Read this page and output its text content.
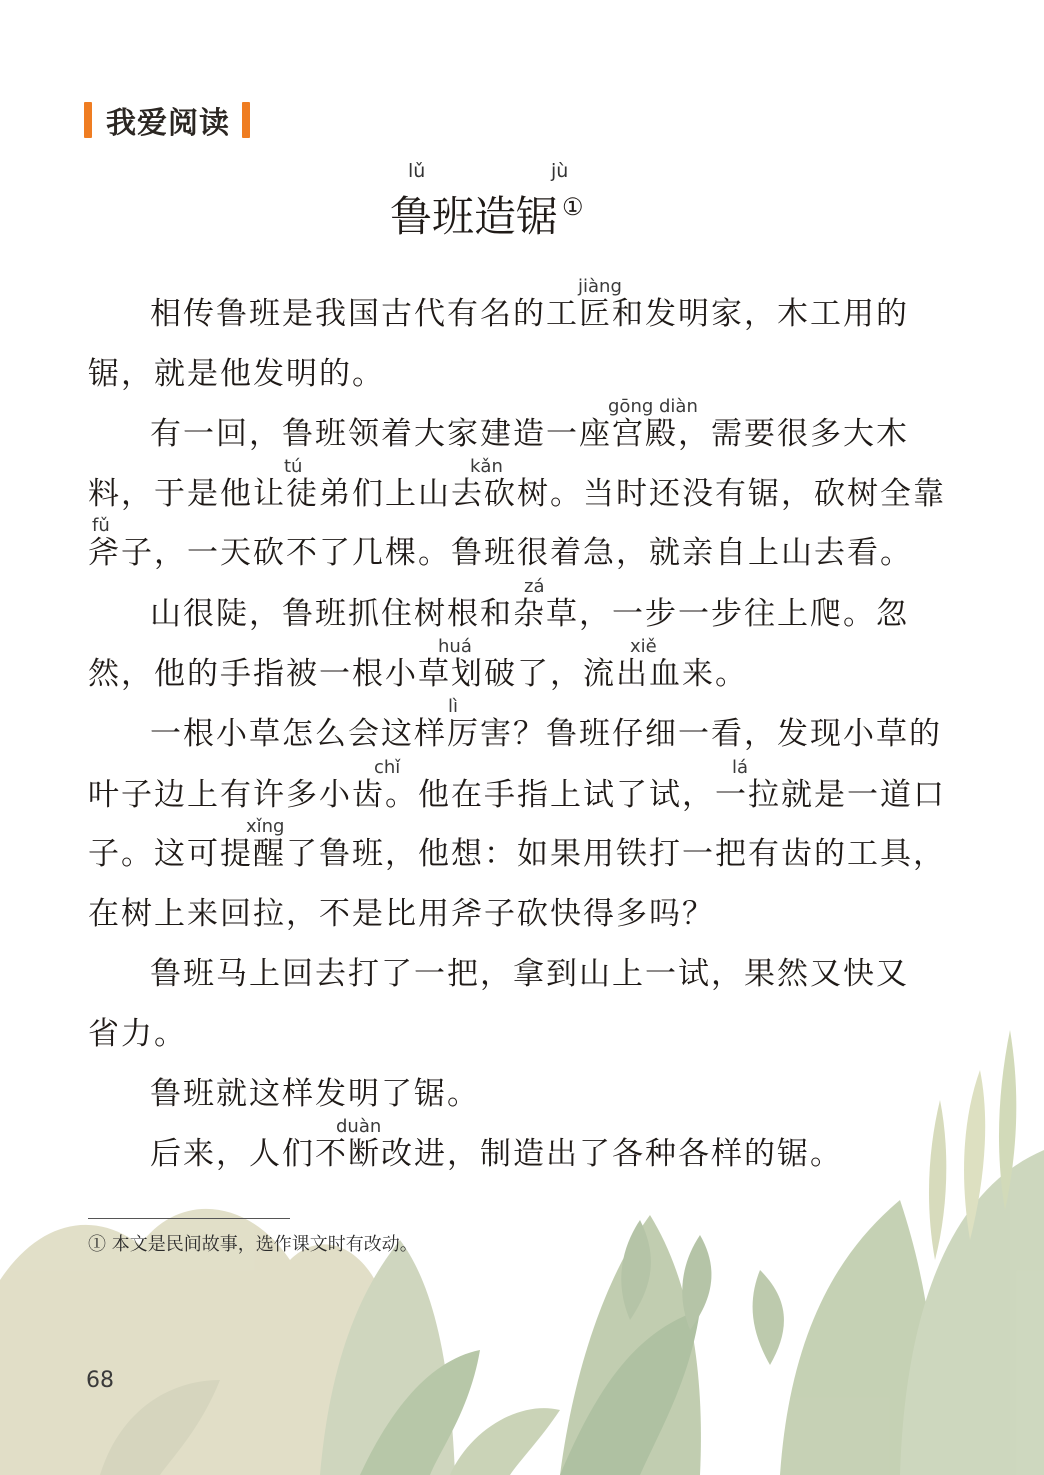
我爱阅读
lǔ	jù
鲁班造锯 ①
jiàng
gōng diàn
tú	kǎn
fǔ
zá
huá	xiě
lì
chǐ	lá
xǐng
duàn
相传鲁班是我国古代有名的工匠和发明家，木工用的
锯，就是他发明的。
有一回，鲁班领着大家建造一座宫殿，需要很多大木
料，于是他让徒弟们上山去砍树。当时还没有锯，砍树全靠
斧子，一天砍不了几棵。鲁班很着急，就亲自上山去看。
山很陡，鲁班抓住树根和杂草，一步一步往上爬。忽
然，他的手指被一根小草划破了，流出血来。
一根小草怎么会这样厉害？鲁班仔细一看，发现小草的
叶子边上有许多小齿。他在手指上试了试，一拉就是一道口
子。这可提醒了鲁班，他想：如果用铁打一把有齿的工具，
在树上来回拉，不是比用斧子砍快得多吗？
鲁班马上回去打了一把，拿到山上一试，果然又快又
省力。
鲁班就这样发明了锯。
后来，人们不断改进，制造出了各种各样的锯。
① 本文是民间故事，选作课文时有改动。
68
